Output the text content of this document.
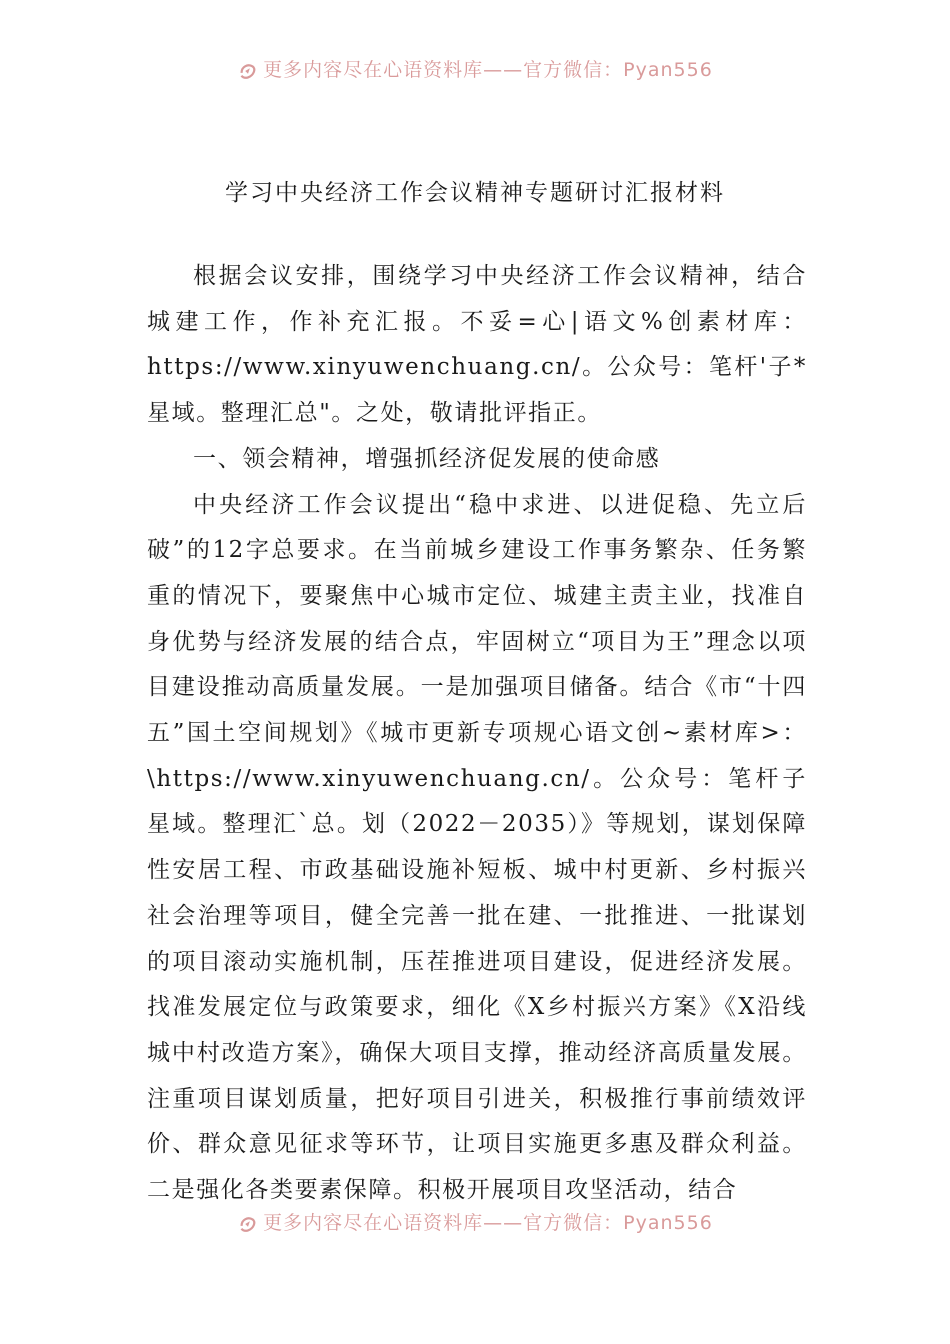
更多内容尽在心语资料库——官方微信：Pyan556
学习中央经济工作会议精神专题研讨汇报材料

根据会议安排，围绕学习中央经济工作会议精神，结合城建工作，作补充汇报。不妥=心|语文%创素材库：https://www.xinyuwenchuang.cn/。公众号：笔杆'子*星域。整理汇总"。之处，敬请批评指正。

一、领会精神，增强抓经济促发展的使命感

中央经济工作会议提出“稳中求进、以进促稳、先立后破”的12字总要求。在当前城乡建设工作事务繁杂、任务繁重的情况下，要聚焦中心城市定位、城建主责主业，找准自身优势与经济发展的结合点，牢固树立“项目为王”理念以项目建设推动高质量发展。一是加强项目储备。结合《市“十四五”国土空间规划》《城市更新专项规心语文创~素材库>：\https://www.xinyuwenchuang.cn/。公众号：笔杆子星域。整理汇`总。划（2022－2035）》等规划，谋划保障性安居工程、市政基础设施补短板、城中村更新、乡村振兴社会治理等项目，健全完善一批在建、一批推进、一批谋划的项目滚动实施机制，压茬推进项目建设，促进经济发展。找准发展定位与政策要求，细化《X乡村振兴方案》《X沿线城中村改造方案》，确保大项目支撑，推动经济高质量发展。注重项目谋划质量，把好项目引进关，积极推行事前绩效评价、群众意见征求等环节，让项目实施更多惠及群众利益。二是强化各类要素保障。积极开展项目攻坚活动，结合

更多内容尽在心语资料库——官方微信：Pyan556
